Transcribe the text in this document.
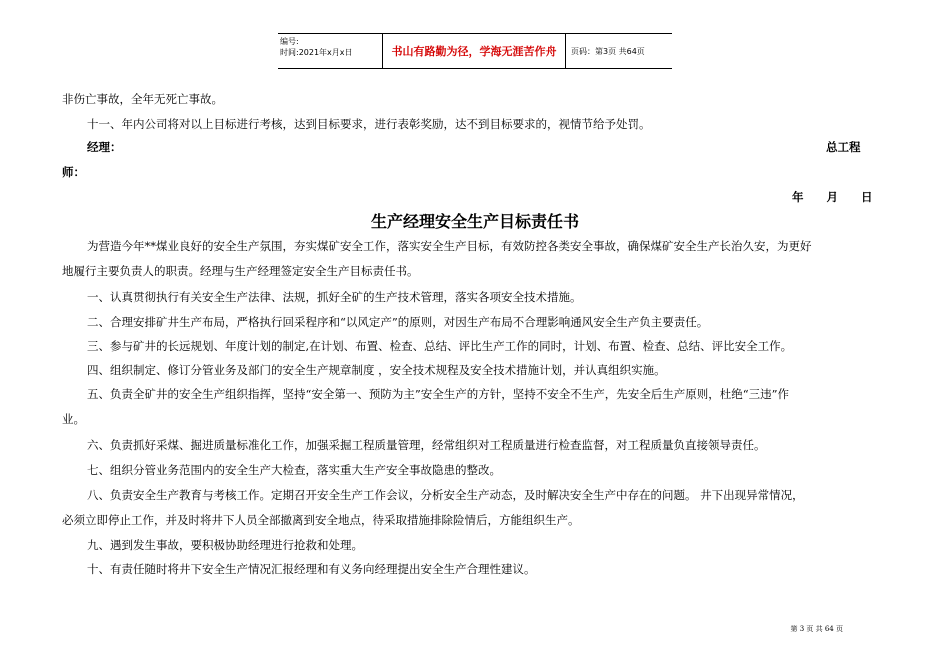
编号:
时间:2021年x月x日	书山有路勤为径，学海无涯苦作舟	页码：第3页 共64页
非伤亡事故，全年无死亡事故。
十一、年内公司将对以上目标进行考核，达到目标要求，进行表彰奖励，达不到目标要求的，视情节给予处罚。
经理：	总工程
师：
年　　月　　日
生产经理安全生产目标责任书
为营造今年**煤业良好的安全生产氛围，夯实煤矿安全工作，落实安全生产目标，有效防控各类安全事故，确保煤矿安全生产长治久安，为更好
地履行主要负责人的职责。经理与生产经理签定安全生产目标责任书。
一、认真贯彻执行有关安全生产法律、法规，抓好全矿的生产技术管理，落实各项安全技术措施。
二、合理安排矿井生产布局，严格执行回采程序和“以风定产”的原则，对因生产布局不合理影响通风安全生产负主要责任。
三、参与矿井的长远规划、年度计划的制定,在计划、布置、检查、总结、评比生产工作的同时，计划、布置、检查、总结、评比安全工作。
四、组织制定、修订分管业务及部门的安全生产规章制度 ，安全技术规程及安全技术措施计划，并认真组织实施。
五、负责全矿井的安全生产组织指挥，坚持“安全第一、预防为主”安全生产的方针，坚持不安全不生产，先安全后生产原则，杜绝“三违”作
业。
六、负责抓好采煤、掘进质量标准化工作，加强采掘工程质量管理，经常组织对工程质量进行检查监督，对工程质量负直接领导责任。
七、组织分管业务范围内的安全生产大检查，落实重大生产安全事故隐患的整改。
八、负责安全生产教育与考核工作。定期召开安全生产工作会议，分析安全生产动态，及时解决安全生产中存在的问题。 井下出现异常情况，
必须立即停止工作，并及时将井下人员全部撤离到安全地点，待采取措施排除险情后，方能组织生产。
九、遇到发生事故，要积极协助经理进行抢救和处理。
十、有责任随时将井下安全生产情况汇报经理和有义务向经理提出安全生产合理性建议。
第 3 页 共 64 页
